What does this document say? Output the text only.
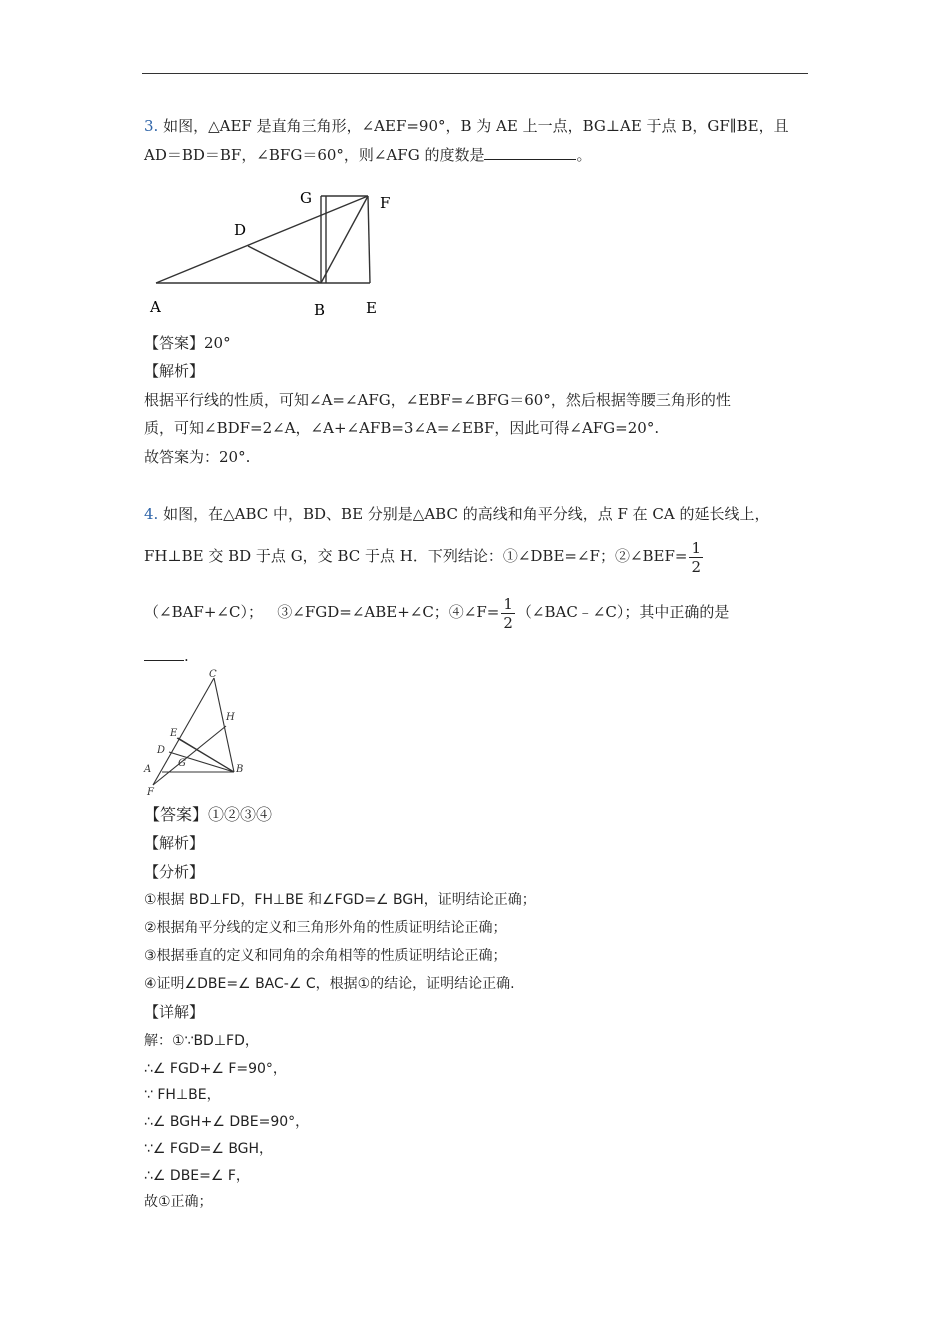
3. 如图，△AEF 是直角三角形，∠AEF=90°，B 为 AE 上一点，BG⊥AE 于点 B，GF∥BE，且
AD＝BD＝BF，∠BFG＝60°，则∠AFG 的度数是	。
G	F
D
A	B	E
【答案】20°
【解析】
根据平行线的性质，可知∠A=∠AFG，∠EBF=∠BFG＝60°，然后根据等腰三角形的性
质，可知∠BDF=2∠A，∠A+∠AFB=3∠A=∠EBF，因此可得∠AFG=20°.
故答案为：20°.
4. 如图，在△ABC 中，BD、BE 分别是△ABC 的高线和角平分线，点 F 在 CA 的延长线上，
FH⊥BE 交 BD 于点 G，交 BC 于点 H．下列结论：①∠DBE=∠F；②∠BEF= $\frac{1}{2}$
（∠BAF+∠C）； ③∠FGD=∠ABE+∠C；④∠F= $\frac{1}{2}$ （∠BAC﹣∠C）；其中正确的是
.
C
H
E
D
G
A	B
F
【答案】①②③④
【解析】
【分析】
①根据 BD⊥FD，FH⊥BE 和∠FGD=∠ BGH，证明结论正确；
②根据角平分线的定义和三角形外角的性质证明结论正确；
③根据垂直的定义和同角的余角相等的性质证明结论正确；
④证明∠DBE=∠ BAC-∠ C，根据①的结论，证明结论正确.
【详解】
解：①∵BD⊥FD，
∴∠ FGD+∠ F=90°，
∵ FH⊥BE，
∴∠ BGH+∠ DBE=90°，
∵∠ FGD=∠ BGH，
∴∠ DBE=∠ F，
故①正确；
